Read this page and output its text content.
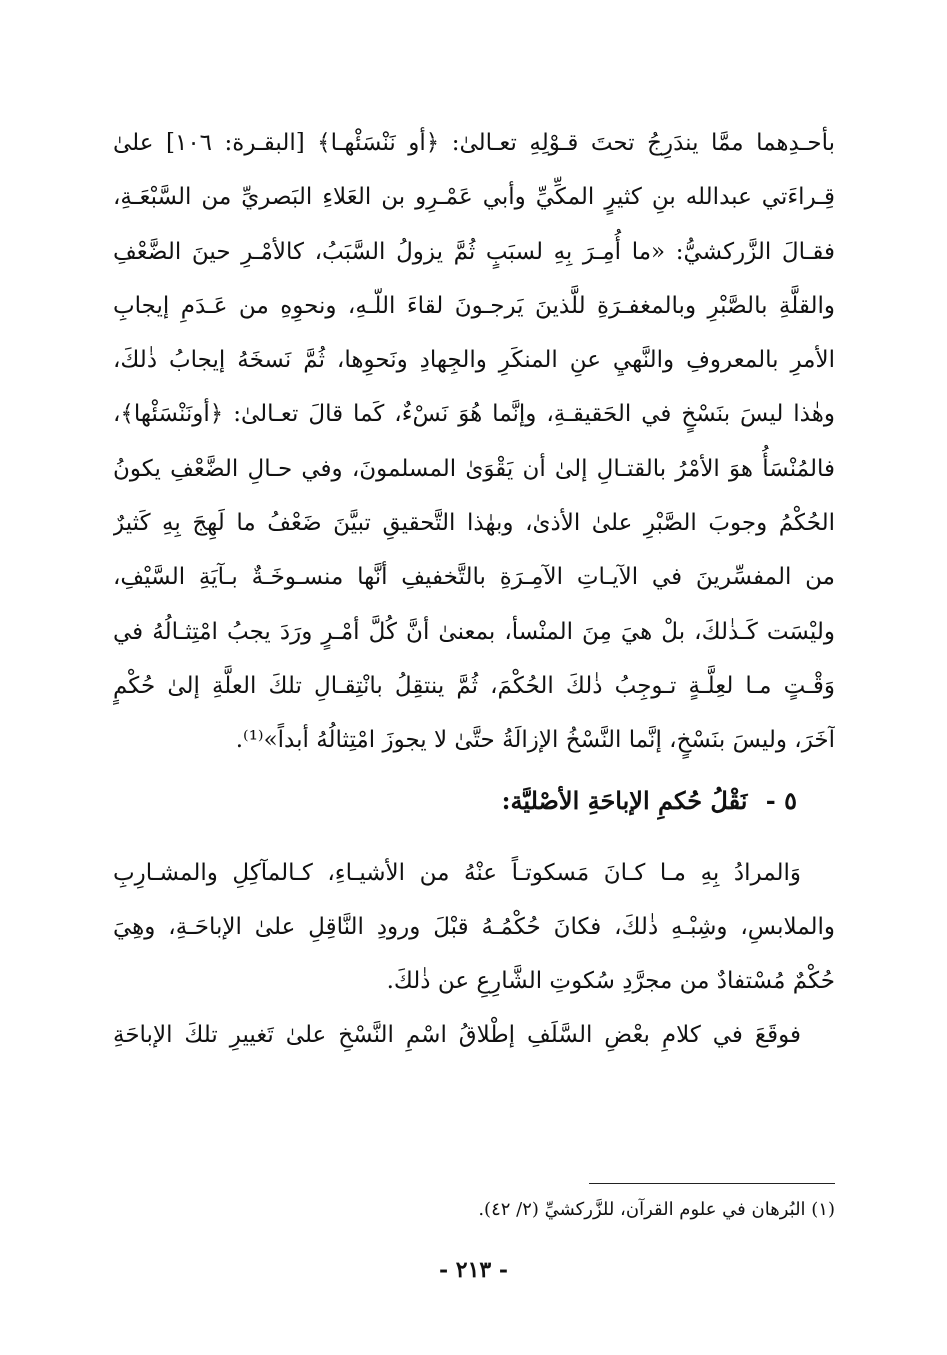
بأحـدِهما ممَّا يندَرِجُ تحتَ قـوْلِهِ تعـالىٰ: ﴿أو نَنْسَئْهـا﴾ [البقـرة: ١٠٦] علىٰ
قِـراءَتي عبدالله بنِ كثيرٍ المكِّيِّ وأبي عَمْـرِو بن العَلاءِ البَصريِّ من السَّبْعَـةِ،
فقـالَ الزَّركشيُّ: «ما أُمِـرَ بِهِ لسبَبٍ ثُمَّ يزولُ السَّبَبُ، كالأمْـرِ حينَ الضَّعْفِ
والقلَّةِ بالصَّبْرِ وبالمغفـرَةِ للَّذينَ يَرجـونَ لقاءَ اللّـهِ، ونحوِهِ من عَـدَمِ إيجابِ
الأمرِ بالمعروفِ والنَّهيِ عنِ المنكَرِ والجِهادِ ونَحوِها، ثُمَّ نَسخَهُ إيجابُ ذٰلكَ،
وهٰذا ليسَ بنَسْخٍ في الحَقيقـةِ، وإنَّما هُوَ نَسْءٌ، كَما قالَ تعـالىٰ: ﴿أونَنْسَئْها﴾،
فالمُنْسَأُ هوَ الأمْرُ بالقتـالِ إلىٰ أن يَقْوَىٰ المسلمونَ، وفي حـالِ الضَّعْفِ يكونُ
الحُكْمُ وجوبَ الصَّبْرِ علىٰ الأذىٰ، وبهٰذا التَّحقيقِ تبيَّنَ ضَعْفُ ما لَهِجَ بِهِ كَثيرٌ
من المفسِّرينَ في الآيـاتِ الآمِـرَةِ بالتَّخفيفِ أنَّها منسـوخَـةٌ بـآيَةِ السَّيْفِ،
وليْسَت كَـذٰلكَ، بلْ هيَ مِنَ المنْسأ، بمعنىٰ أنَّ كُلَّ أمْـرٍ ورَدَ يجبُ امْتِثـالُهُ في
وَقْـتٍ مـا لعِلَّـةٍ تـوجِبُ ذٰلكَ الحُكْمَ، ثُمَّ ينتقِلُ بانْتِقـالِ تلكَ العلَّةِ إلىٰ حُكْمٍ
آخَرَ، وليسَ بنَسْخٍ، إنَّما النَّسْخُ الإزالَةُ حتَّىٰ لا يجوزَ امْتِثالُهُ أبداً»⁽¹⁾.
٥ - نَقْلُ حُكمِ الإباحَةِ الأصْليَّة:
وَالمرادُ بِهِ مـا كـانَ مَسكوتـاً عنْهُ من الأشيـاءِ، كـالمآكِلِ والمشـارِبِ
والملابسِ، وشِبْـهِ ذٰلكَ، فكانَ حُكْمُـهُ قبْلَ ورودِ النَّاقِلِ علىٰ الإباحَـةِ، وهِيَ
حُكْمٌ مُسْتفادٌ من مجرَّدِ سُكوتِ الشَّارِعِ عن ذٰلكَ.
فوقَعَ في كلامِ بعْضِ السَّلَفِ إطْلاقُ اسْمِ النَّسْخِ علىٰ تَغييرِ تلكَ الإباحَةِ
(١) البُرهان في علوم القرآن، للزَّركشيِّ (٢/ ٤٢).
- ٢١٣ -
